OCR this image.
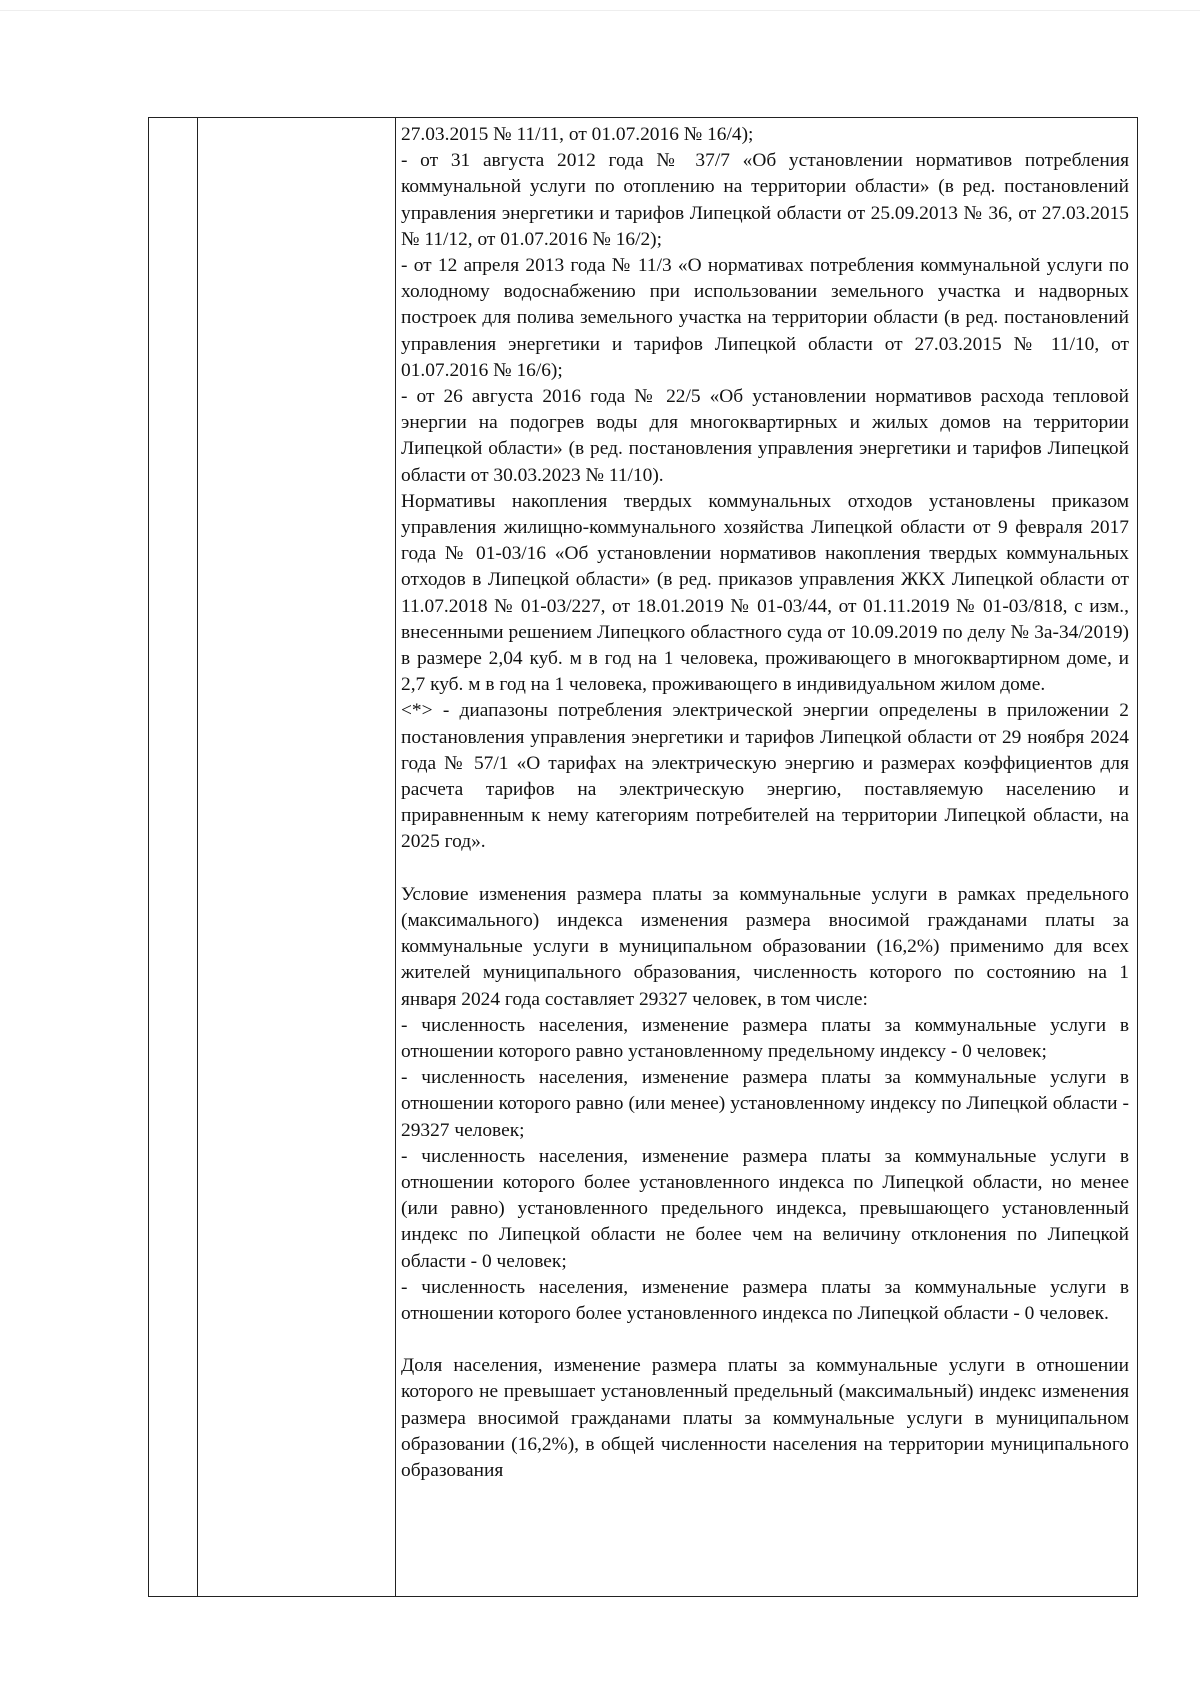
27.03.2015 № 11/11, от 01.07.2016 № 16/4);

- от 31 августа 2012 года № 37/7 «Об установлении нормативов потребления коммунальной услуги по отоплению на территории области» (в ред. постановлений управления энергетики и тарифов Липецкой области от 25.09.2013 № 36, от 27.03.2015 № 11/12, от 01.07.2016 № 16/2);

- от 12 апреля 2013 года № 11/3 «О нормативах потребления коммунальной услуги по холодному водоснабжению при использовании земельного участка и надворных построек для полива земельного участка на территории области (в ред. постановлений управления энергетики и тарифов Липецкой области от 27.03.2015 № 11/10, от 01.07.2016 № 16/6);

- от 26 августа 2016 года № 22/5 «Об установлении нормативов расхода тепловой энергии на подогрев воды для многоквартирных и жилых домов на территории Липецкой области» (в ред. постановления управления энергетики и тарифов Липецкой области от 30.03.2023 № 11/10).

Нормативы накопления твердых коммунальных отходов установлены приказом управления жилищно-коммунального хозяйства Липецкой области от 9 февраля 2017 года № 01-03/16 «Об установлении нормативов накопления твердых коммунальных отходов в Липецкой области» (в ред. приказов управления ЖКХ Липецкой области от 11.07.2018 № 01-03/227, от 18.01.2019 № 01-03/44, от 01.11.2019 № 01-03/818, с изм., внесенными решением Липецкого областного суда от 10.09.2019 по делу № 3а-34/2019) в размере 2,04 куб. м в год на 1 человека, проживающего в многоквартирном доме, и 2,7 куб. м в год на 1 человека, проживающего в индивидуальном жилом доме.

<*> - диапазоны потребления электрической энергии определены в приложении 2 постановления управления энергетики и тарифов Липецкой области от 29 ноября 2024 года № 57/1 «О тарифах на электрическую энергию и размерах коэффициентов для расчета тарифов на электрическую энергию, поставляемую населению и приравненным к нему категориям потребителей на территории Липецкой области, на 2025 год».

Условие изменения размера платы за коммунальные услуги в рамках предельного (максимального) индекса изменения размера вносимой гражданами платы за коммунальные услуги в муниципальном образовании (16,2%) применимо для всех жителей муниципального образования, численность которого по состоянию на 1 января 2024 года составляет 29327 человек, в том числе:

- численность населения, изменение размера платы за коммунальные услуги в отношении которого равно установленному предельному индексу - 0 человек;

- численность населения, изменение размера платы за коммунальные услуги в отношении которого равно (или менее) установленному индексу по Липецкой области - 29327 человек;

- численность населения, изменение размера платы за коммунальные услуги в отношении которого более установленного индекса по Липецкой области, но менее (или равно) установленного предельного индекса, превышающего установленный индекс по Липецкой области не более чем на величину отклонения по Липецкой области - 0 человек;

- численность населения, изменение размера платы за коммунальные услуги в отношении которого более установленного индекса по Липецкой области - 0 человек.

Доля населения, изменение размера платы за коммунальные услуги в отношении которого не превышает установленный предельный (максимальный) индекс изменения размера вносимой гражданами платы за коммунальные услуги в муниципальном образовании (16,2%), в общей численности населения на территории муниципального образования
